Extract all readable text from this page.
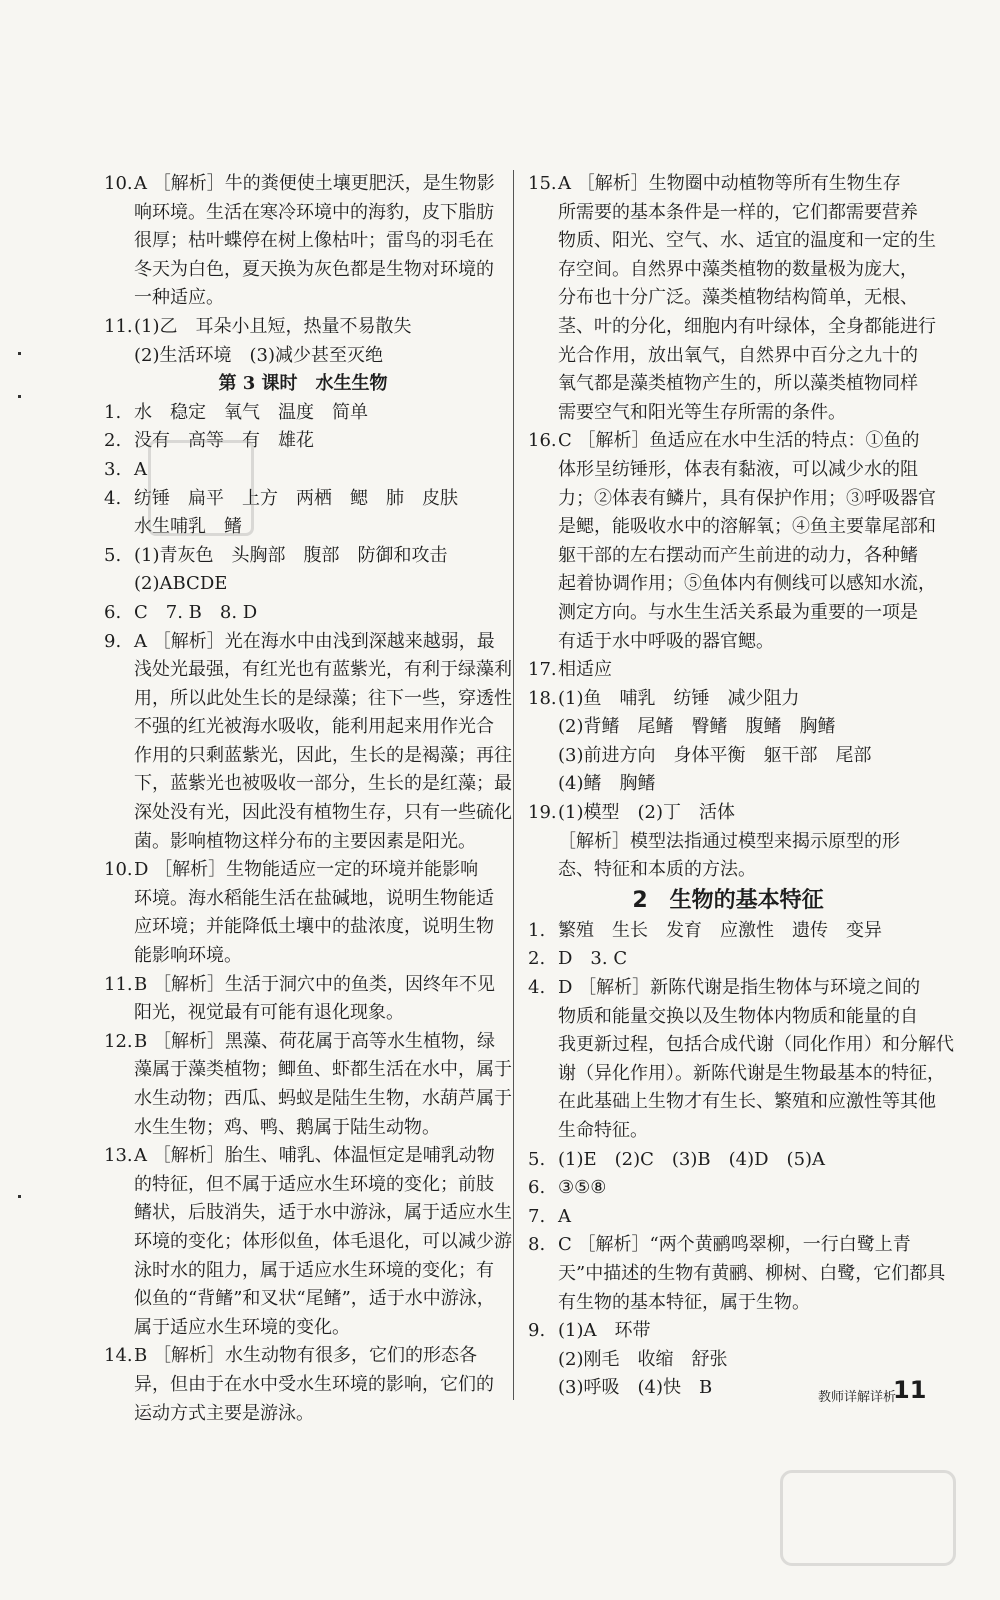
10. A ［解析］牛的粪便使土壤更肥沃，是生物影
响环境。生活在寒冷环境中的海豹，皮下脂肪
很厚；枯叶蝶停在树上像枯叶；雷鸟的羽毛在
冬天为白色，夏天换为灰色都是生物对环境的
一种适应。
11. (1)乙　耳朵小且短，热量不易散失
(2)生活环境　(3)减少甚至灭绝
第 3 课时　水生生物
1. 水　稳定　氧气　温度　简单
2. 没有　高等　有　雄花
3. A
4. 纺锤　扁平　上方　两栖　鳃　肺　皮肤
水生哺乳　鳍
5. (1)青灰色　头胸部　腹部　防御和攻击
(2)ABCDE
6. C　7. B　8. D
9. A ［解析］光在海水中由浅到深越来越弱，最
浅处光最强，有红光也有蓝紫光，有利于绿藻利
用，所以此处生长的是绿藻；往下一些，穿透性
不强的红光被海水吸收，能利用起来用作光合
作用的只剩蓝紫光，因此，生长的是褐藻；再往
下，蓝紫光也被吸收一部分，生长的是红藻；最
深处没有光，因此没有植物生存，只有一些硫化
菌。影响植物这样分布的主要因素是阳光。
10. D ［解析］生物能适应一定的环境并能影响
环境。海水稻能生活在盐碱地，说明生物能适
应环境；并能降低土壤中的盐浓度，说明生物
能影响环境。
11. B ［解析］生活于洞穴中的鱼类，因终年不见
阳光，视觉最有可能有退化现象。
12. B ［解析］黑藻、荷花属于高等水生植物，绿
藻属于藻类植物；鲫鱼、虾都生活在水中，属于
水生动物；西瓜、蚂蚁是陆生生物，水葫芦属于
水生生物；鸡、鸭、鹅属于陆生动物。
13. A ［解析］胎生、哺乳、体温恒定是哺乳动物
的特征，但不属于适应水生环境的变化；前肢
鳍状，后肢消失，适于水中游泳，属于适应水生
环境的变化；体形似鱼，体毛退化，可以减少游
泳时水的阻力，属于适应水生环境的变化；有
似鱼的“背鳍”和叉状“尾鳍”，适于水中游泳，
属于适应水生环境的变化。
14. B ［解析］水生动物有很多，它们的形态各
异，但由于在水中受水生环境的影响，它们的
运动方式主要是游泳。
15. A ［解析］生物圈中动植物等所有生物生存
所需要的基本条件是一样的，它们都需要营养
物质、阳光、空气、水、适宜的温度和一定的生
存空间。自然界中藻类植物的数量极为庞大，
分布也十分广泛。藻类植物结构简单，无根、
茎、叶的分化，细胞内有叶绿体，全身都能进行
光合作用，放出氧气，自然界中百分之九十的
氧气都是藻类植物产生的，所以藻类植物同样
需要空气和阳光等生存所需的条件。
16. C ［解析］鱼适应在水中生活的特点：①鱼的
体形呈纺锤形，体表有黏液，可以减少水的阻
力；②体表有鳞片，具有保护作用；③呼吸器官
是鳃，能吸收水中的溶解氧；④鱼主要靠尾部和
躯干部的左右摆动而产生前进的动力，各种鳍
起着协调作用；⑤鱼体内有侧线可以感知水流，
测定方向。与水生生活关系最为重要的一项是
有适于水中呼吸的器官鳃。
17. 相适应
18. (1)鱼　哺乳　纺锤　减少阻力
(2)背鳍　尾鳍　臀鳍　腹鳍　胸鳍
(3)前进方向　身体平衡　躯干部　尾部
(4)鳍　胸鳍
19. (1)模型　(2)丁　活体
［解析］模型法指通过模型来揭示原型的形
态、特征和本质的方法。
2　生物的基本特征
1. 繁殖　生长　发育　应激性　遗传　变异
2. D　3. C
4. D ［解析］新陈代谢是指生物体与环境之间的
物质和能量交换以及生物体内物质和能量的自
我更新过程，包括合成代谢（同化作用）和分解代
谢（异化作用）。新陈代谢是生物最基本的特征，
在此基础上生物才有生长、繁殖和应激性等其他
生命特征。
5. (1)E　(2)C　(3)B　(4)D　(5)A
6. ③⑤⑧
7. A
8. C ［解析］“两个黄鹂鸣翠柳，一行白鹭上青
天”中描述的生物有黄鹂、柳树、白鹭，它们都具
有生物的基本特征，属于生物。
9. (1)A　环带
(2)刚毛　收缩　舒张
(3)呼吸　(4)快　B	教师详解详析
11
